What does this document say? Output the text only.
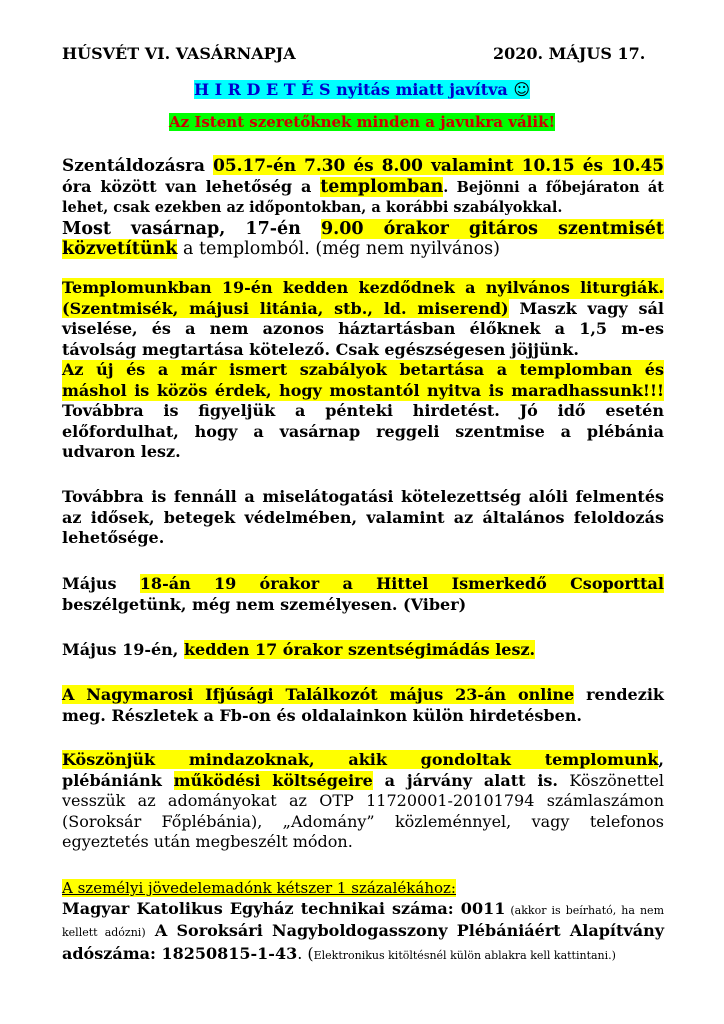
HÚSVÉT VI. VASÁRNAPJA	2020. MÁJUS 17.
H I R D E T É S nyitás miatt javítva ☺
Az Istent szeretőknek minden a javukra válik!
Szentáldozásra 05.17-én 7.30 és 8.00 valamint 10.15 és 10.45
óra között van lehetőség a templomban. Bejönni a főbejáraton át
lehet, csak ezekben az időpontokban, a korábbi szabályokkal.
Most vasárnap, 17-én 9.00 órakor gitáros szentmisét
közvetítünk a templomból. (még nem nyilvános)
Templomunkban 19-én kedden kezdődnek a nyilvános liturgiák.
(Szentmisék, májusi litánia, stb., ld. miserend) Maszk vagy sál
viselése, és a nem azonos háztartásban élőknek a 1,5 m-es
távolság megtartása kötelező. Csak egészségesen jöjjünk.
Az új és a már ismert szabályok betartása a templomban és
máshol is közös érdek, hogy mostantól nyitva is maradhassunk!!!
Továbbra is figyeljük a pénteki hirdetést. Jó idő esetén
előfordulhat, hogy a vasárnap reggeli szentmise a plébánia
udvaron lesz.
Továbbra is fennáll a miselátogatási kötelezettség alóli felmentés
az idősek, betegek védelmében, valamint az általános feloldozás
lehetősége.
Május 18-án 19 órakor a Hittel Ismerkedő Csoporttal
beszélgetünk, még nem személyesen. (Viber)
Május 19-én, kedden 17 órakor szentségimádás lesz.
A Nagymarosi Ifjúsági Találkozót május 23-án online rendezik
meg. Részletek a Fb-on és oldalainkon külön hirdetésben.
Köszönjük mindazoknak, akik gondoltak templomunk,
plébániánk működési költségeire a járvány alatt is. Köszönettel
vesszük az adományokat az OTP 11720001-20101794 számlaszámon
(Soroksár Főplébánia), „Adomány” közleménnyel, vagy telefonos
egyeztetés után megbeszélt módon.
A személyi jövedelemadónk kétszer 1 százalékához:
Magyar Katolikus Egyház technikai száma: 0011 (akkor is beírható, ha nem
kellett adózni) A Soroksári Nagyboldogasszony Plébániáért Alapítvány
adószáma: 18250815-1-43. (Elektronikus kitöltésnél külön ablakra kell kattintani.)
